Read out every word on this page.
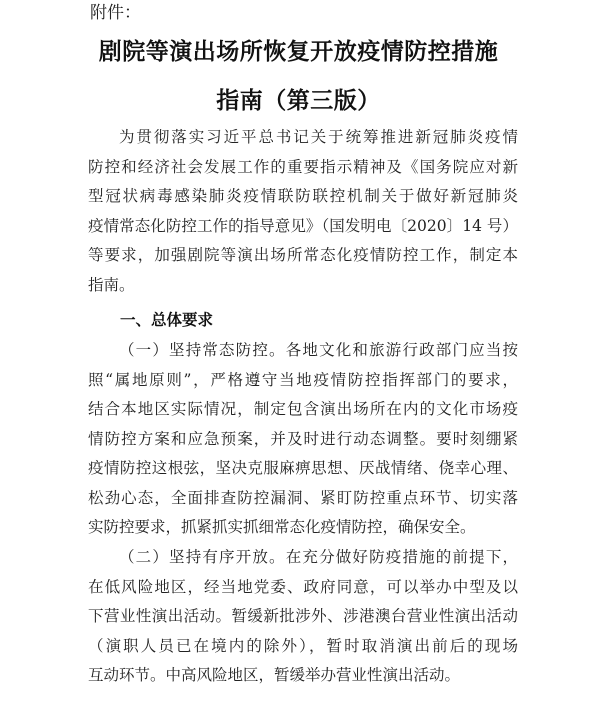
附件：
剧院等演出场所恢复开放疫情防控措施
指南（第三版）
为贯彻落实习近平总书记关于统筹推进新冠肺炎疫情
防控和经济社会发展工作的重要指示精神及《国务院应对新
型冠状病毒感染肺炎疫情联防联控机制关于做好新冠肺炎
疫情常态化防控工作的指导意见》（国发明电〔2020〕14 号）
等要求，加强剧院等演出场所常态化疫情防控工作，制定本
指南。
一、总体要求
（一）坚持常态防控。各地文化和旅游行政部门应当按
照“属地原则”，严格遵守当地疫情防控指挥部门的要求，
结合本地区实际情况，制定包含演出场所在内的文化市场疫
情防控方案和应急预案，并及时进行动态调整。要时刻绷紧
疫情防控这根弦，坚决克服麻痹思想、厌战情绪、侥幸心理、
松劲心态，全面排查防控漏洞、紧盯防控重点环节、切实落
实防控要求，抓紧抓实抓细常态化疫情防控，确保安全。
（二）坚持有序开放。在充分做好防疫措施的前提下，
在低风险地区，经当地党委、政府同意，可以举办中型及以
下营业性演出活动。暂缓新批涉外、涉港澳台营业性演出活动
（演职人员已在境内的除外），暂时取消演出前后的现场
互动环节。中高风险地区，暂缓举办营业性演出活动。
